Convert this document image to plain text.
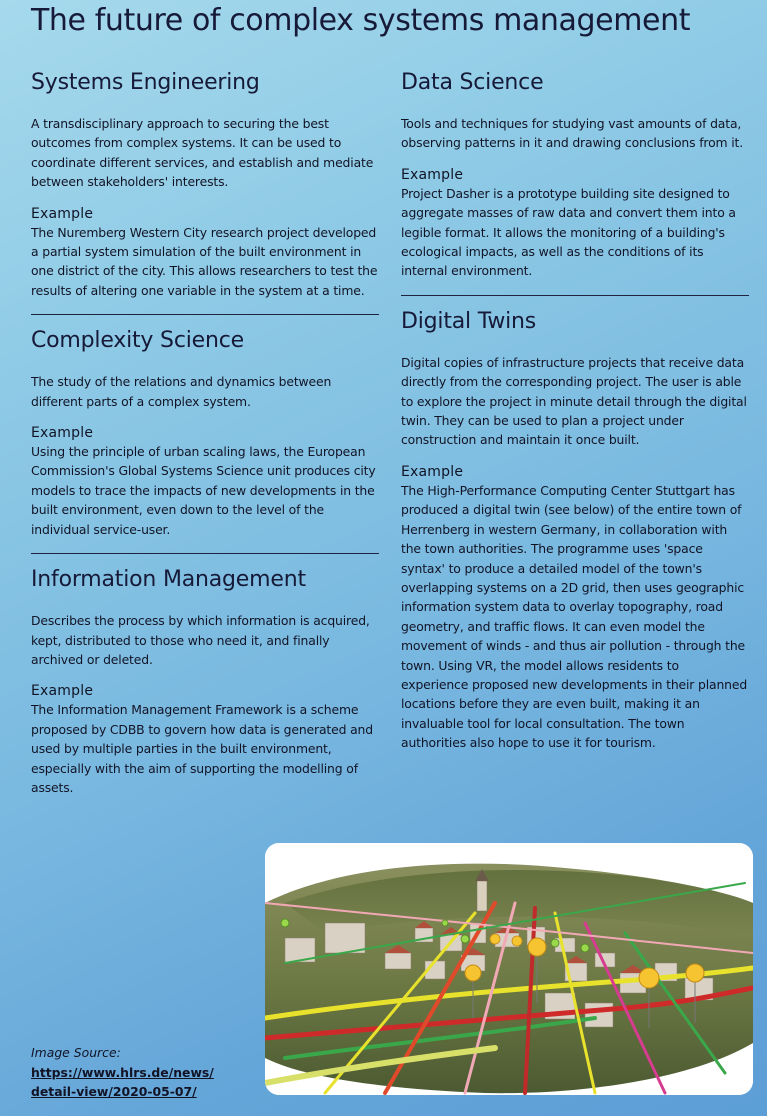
The future of complex systems management
Systems Engineering

A transdisciplinary approach to securing the best outcomes from complex systems. It can be used to coordinate different services, and establish and mediate between stakeholders' interests.

Example

The Nuremberg Western City research project developed a partial system simulation of the built environment in one district of the city. This allows researchers to test the results of altering one variable in the system at a time.

Complexity Science

The study of the relations and dynamics between different parts of a complex system.

Example

Using the principle of urban scaling laws, the European Commission's Global Systems Science unit produces city models to trace the impacts of new developments in the built environment, even down to the level of the individual service-user.

Information Management

Describes the process by which information is acquired, kept, distributed to those who need it, and finally archived or deleted.

Example

The Information Management Framework is a scheme proposed by CDBB to govern how data is generated and used by multiple parties in the built environment, especially with the aim of supporting the modelling of assets.

Data Science

Tools and techniques for studying vast amounts of data, observing patterns in it and drawing conclusions from it.

Example

Project Dasher is a prototype building site designed to aggregate masses of raw data and convert them into a legible format. It allows the monitoring of a building's ecological impacts, as well as the conditions of its internal environment.

Digital Twins

Digital copies of infrastructure projects that receive data directly from the corresponding project. The user is able to explore the project in minute detail through the digital twin. They can be used to plan a project under construction and maintain it once built.

Example

The High-Performance Computing Center Stuttgart has produced a digital twin (see below) of the entire town of Herrenberg in western Germany, in collaboration with the town authorities. The programme uses 'space syntax' to produce a detailed model of the town's overlapping systems on a 2D grid, then uses geographic information system data to overlay topography, road geometry, and traffic flows. It can even model the movement of winds - and thus air pollution - through the town. Using VR, the model allows residents to experience proposed new developments in their planned locations before they are even built, making it an invaluable tool for local consultation. The town authorities also hope to use it for tourism.

Image Source:
https://www.hlrs.de/news/
detail-view/2020-05-07/
